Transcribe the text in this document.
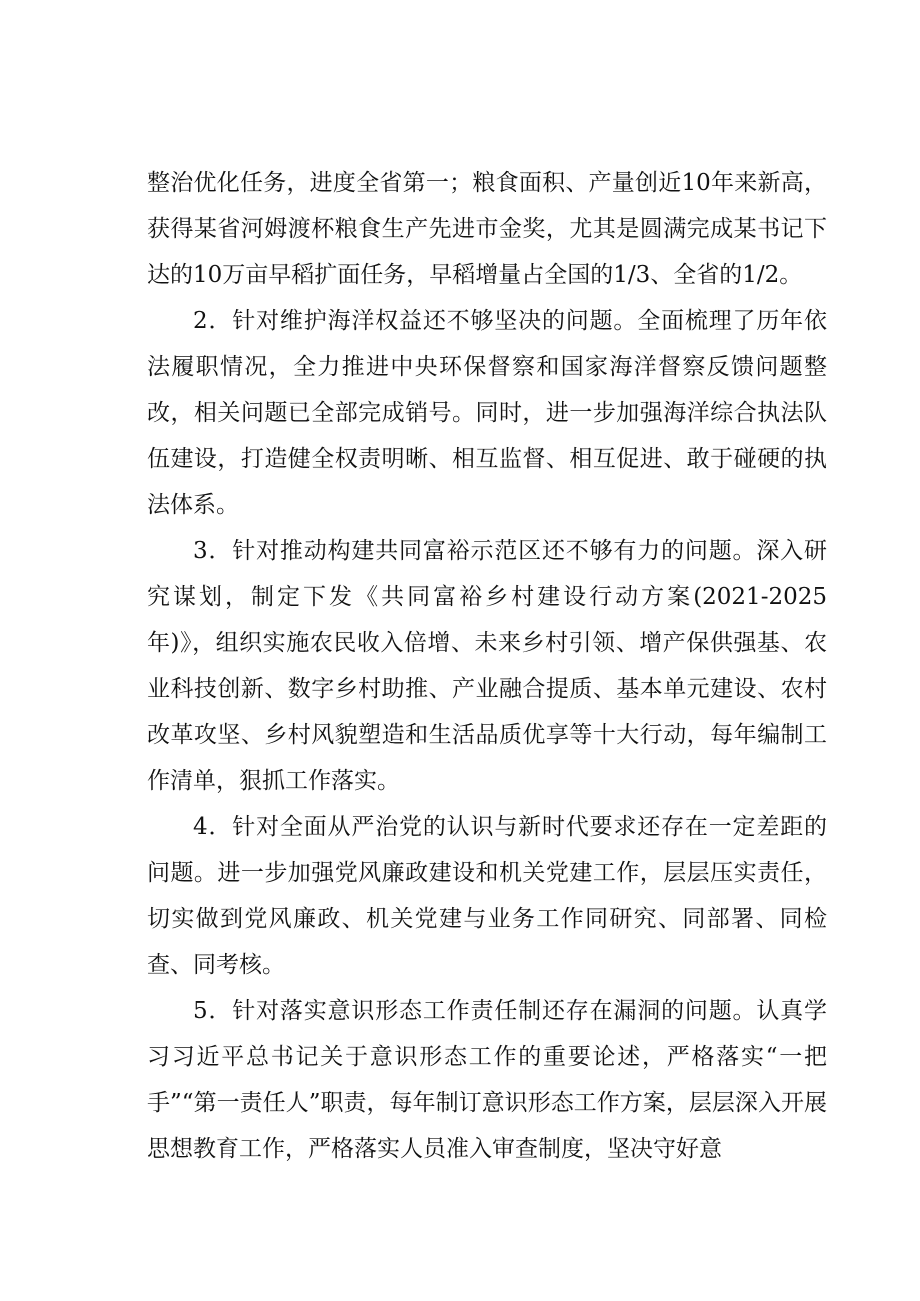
整治优化任务，进度全省第一；粮食面积、产量创近10年来新高，获得某省河姆渡杯粮食生产先进市金奖，尤其是圆满完成某书记下达的10万亩早稻扩面任务，早稻增量占全国的1/3、全省的1/2。

2．针对维护海洋权益还不够坚决的问题。全面梳理了历年依法履职情况，全力推进中央环保督察和国家海洋督察反馈问题整改，相关问题已全部完成销号。同时，进一步加强海洋综合执法队伍建设，打造健全权责明晰、相互监督、相互促进、敢于碰硬的执法体系。

3．针对推动构建共同富裕示范区还不够有力的问题。深入研究谋划，制定下发《共同富裕乡村建设行动方案(2021-2025年)》，组织实施农民收入倍增、未来乡村引领、增产保供强基、农业科技创新、数字乡村助推、产业融合提质、基本单元建设、农村改革攻坚、乡村风貌塑造和生活品质优享等十大行动，每年编制工作清单，狠抓工作落实。

4．针对全面从严治党的认识与新时代要求还存在一定差距的问题。进一步加强党风廉政建设和机关党建工作，层层压实责任，切实做到党风廉政、机关党建与业务工作同研究、同部署、同检查、同考核。

5．针对落实意识形态工作责任制还存在漏洞的问题。认真学习习近平总书记关于意识形态工作的重要论述，严格落实“一把手”“第一责任人”职责，每年制订意识形态工作方案，层层深入开展思想教育工作，严格落实人员准入审查制度，坚决守好意
